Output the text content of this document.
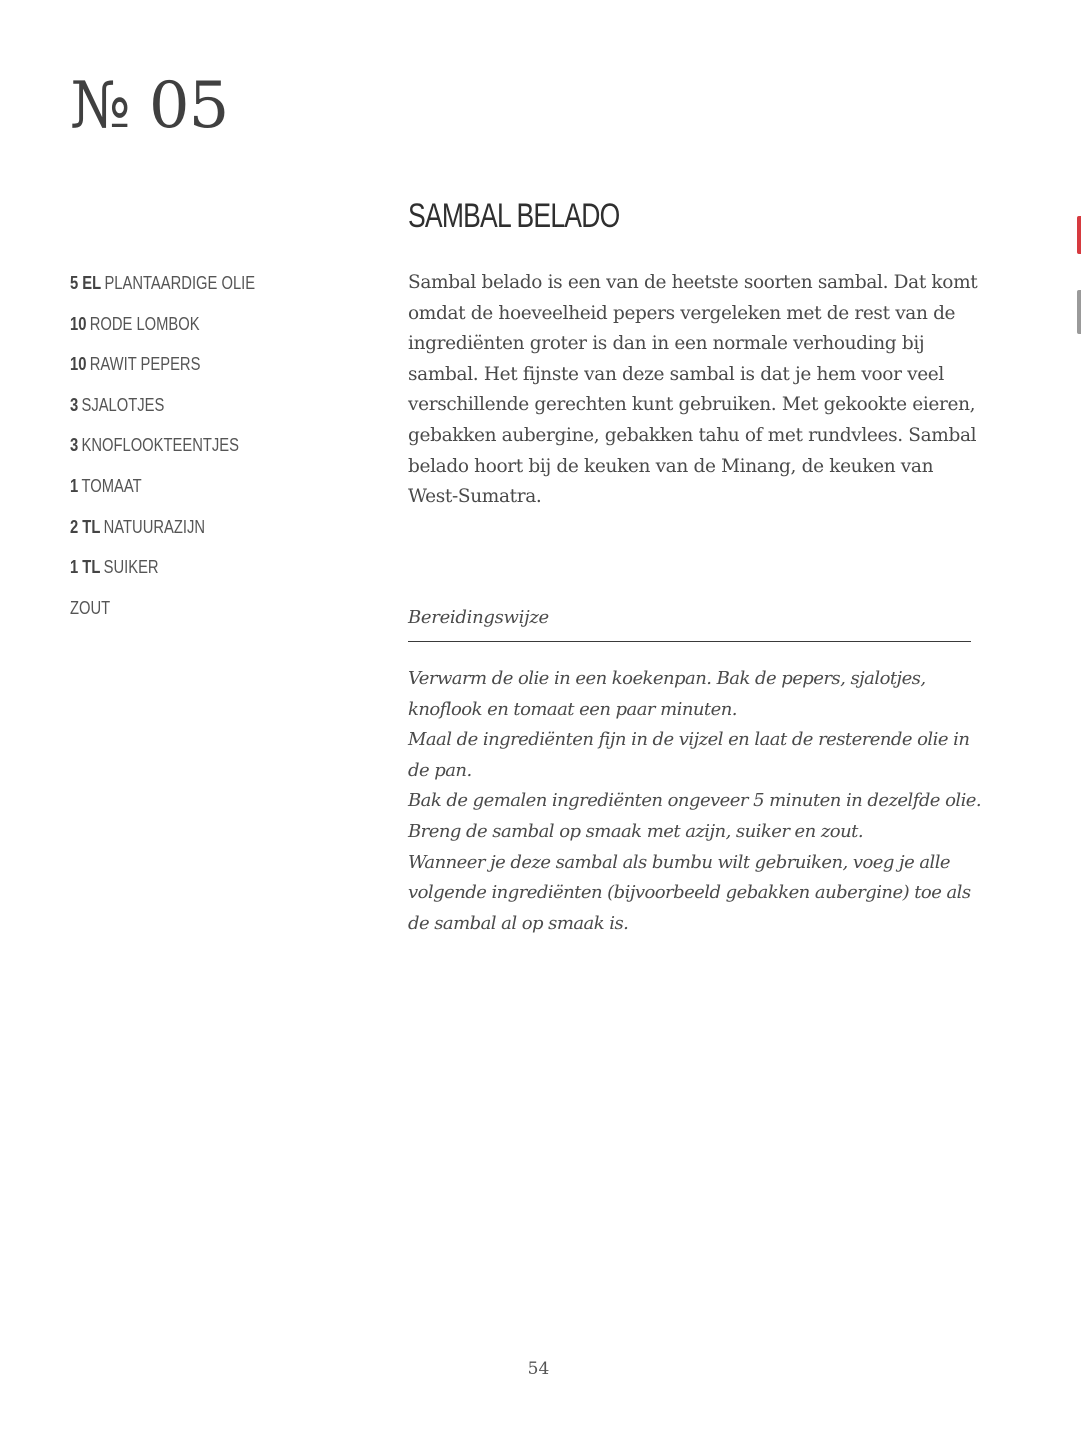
№ 05
SAMBAL BELADO
5 EL PLANTAARDIGE OLIE
10 RODE LOMBOK
10 RAWIT PEPERS
3 SJALOTJES
3 KNOFLOOKTEENTJES
1 TOMAAT
2 TL NATUURAZIJN
1 TL SUIKER
ZOUT

Sambal belado is een van de heetste soorten sambal. Dat komt omdat de hoeveelheid pepers vergeleken met de rest van de ingrediënten groter is dan in een normale verhouding bij sambal. Het fijnste van deze sambal is dat je hem voor veel verschillende gerechten kunt gebruiken. Met gekookte eieren, gebakken aubergine, gebakken tahu of met rundvlees. Sambal belado hoort bij de keuken van de Minang, de keuken van West-Sumatra.

Bereidingswijze

Verwarm de olie in een koekenpan. Bak de pepers, sjalotjes, knoflook en tomaat een paar minuten.

Maal de ingrediënten fijn in de vijzel en laat de resterende olie in de pan.

Bak de gemalen ingrediënten ongeveer 5 minuten in dezelfde olie.

Breng de sambal op smaak met azijn, suiker en zout.

Wanneer je deze sambal als bumbu wilt gebruiken, voeg je alle volgende ingrediënten (bijvoorbeeld gebakken aubergine) toe als de sambal al op smaak is.

54
